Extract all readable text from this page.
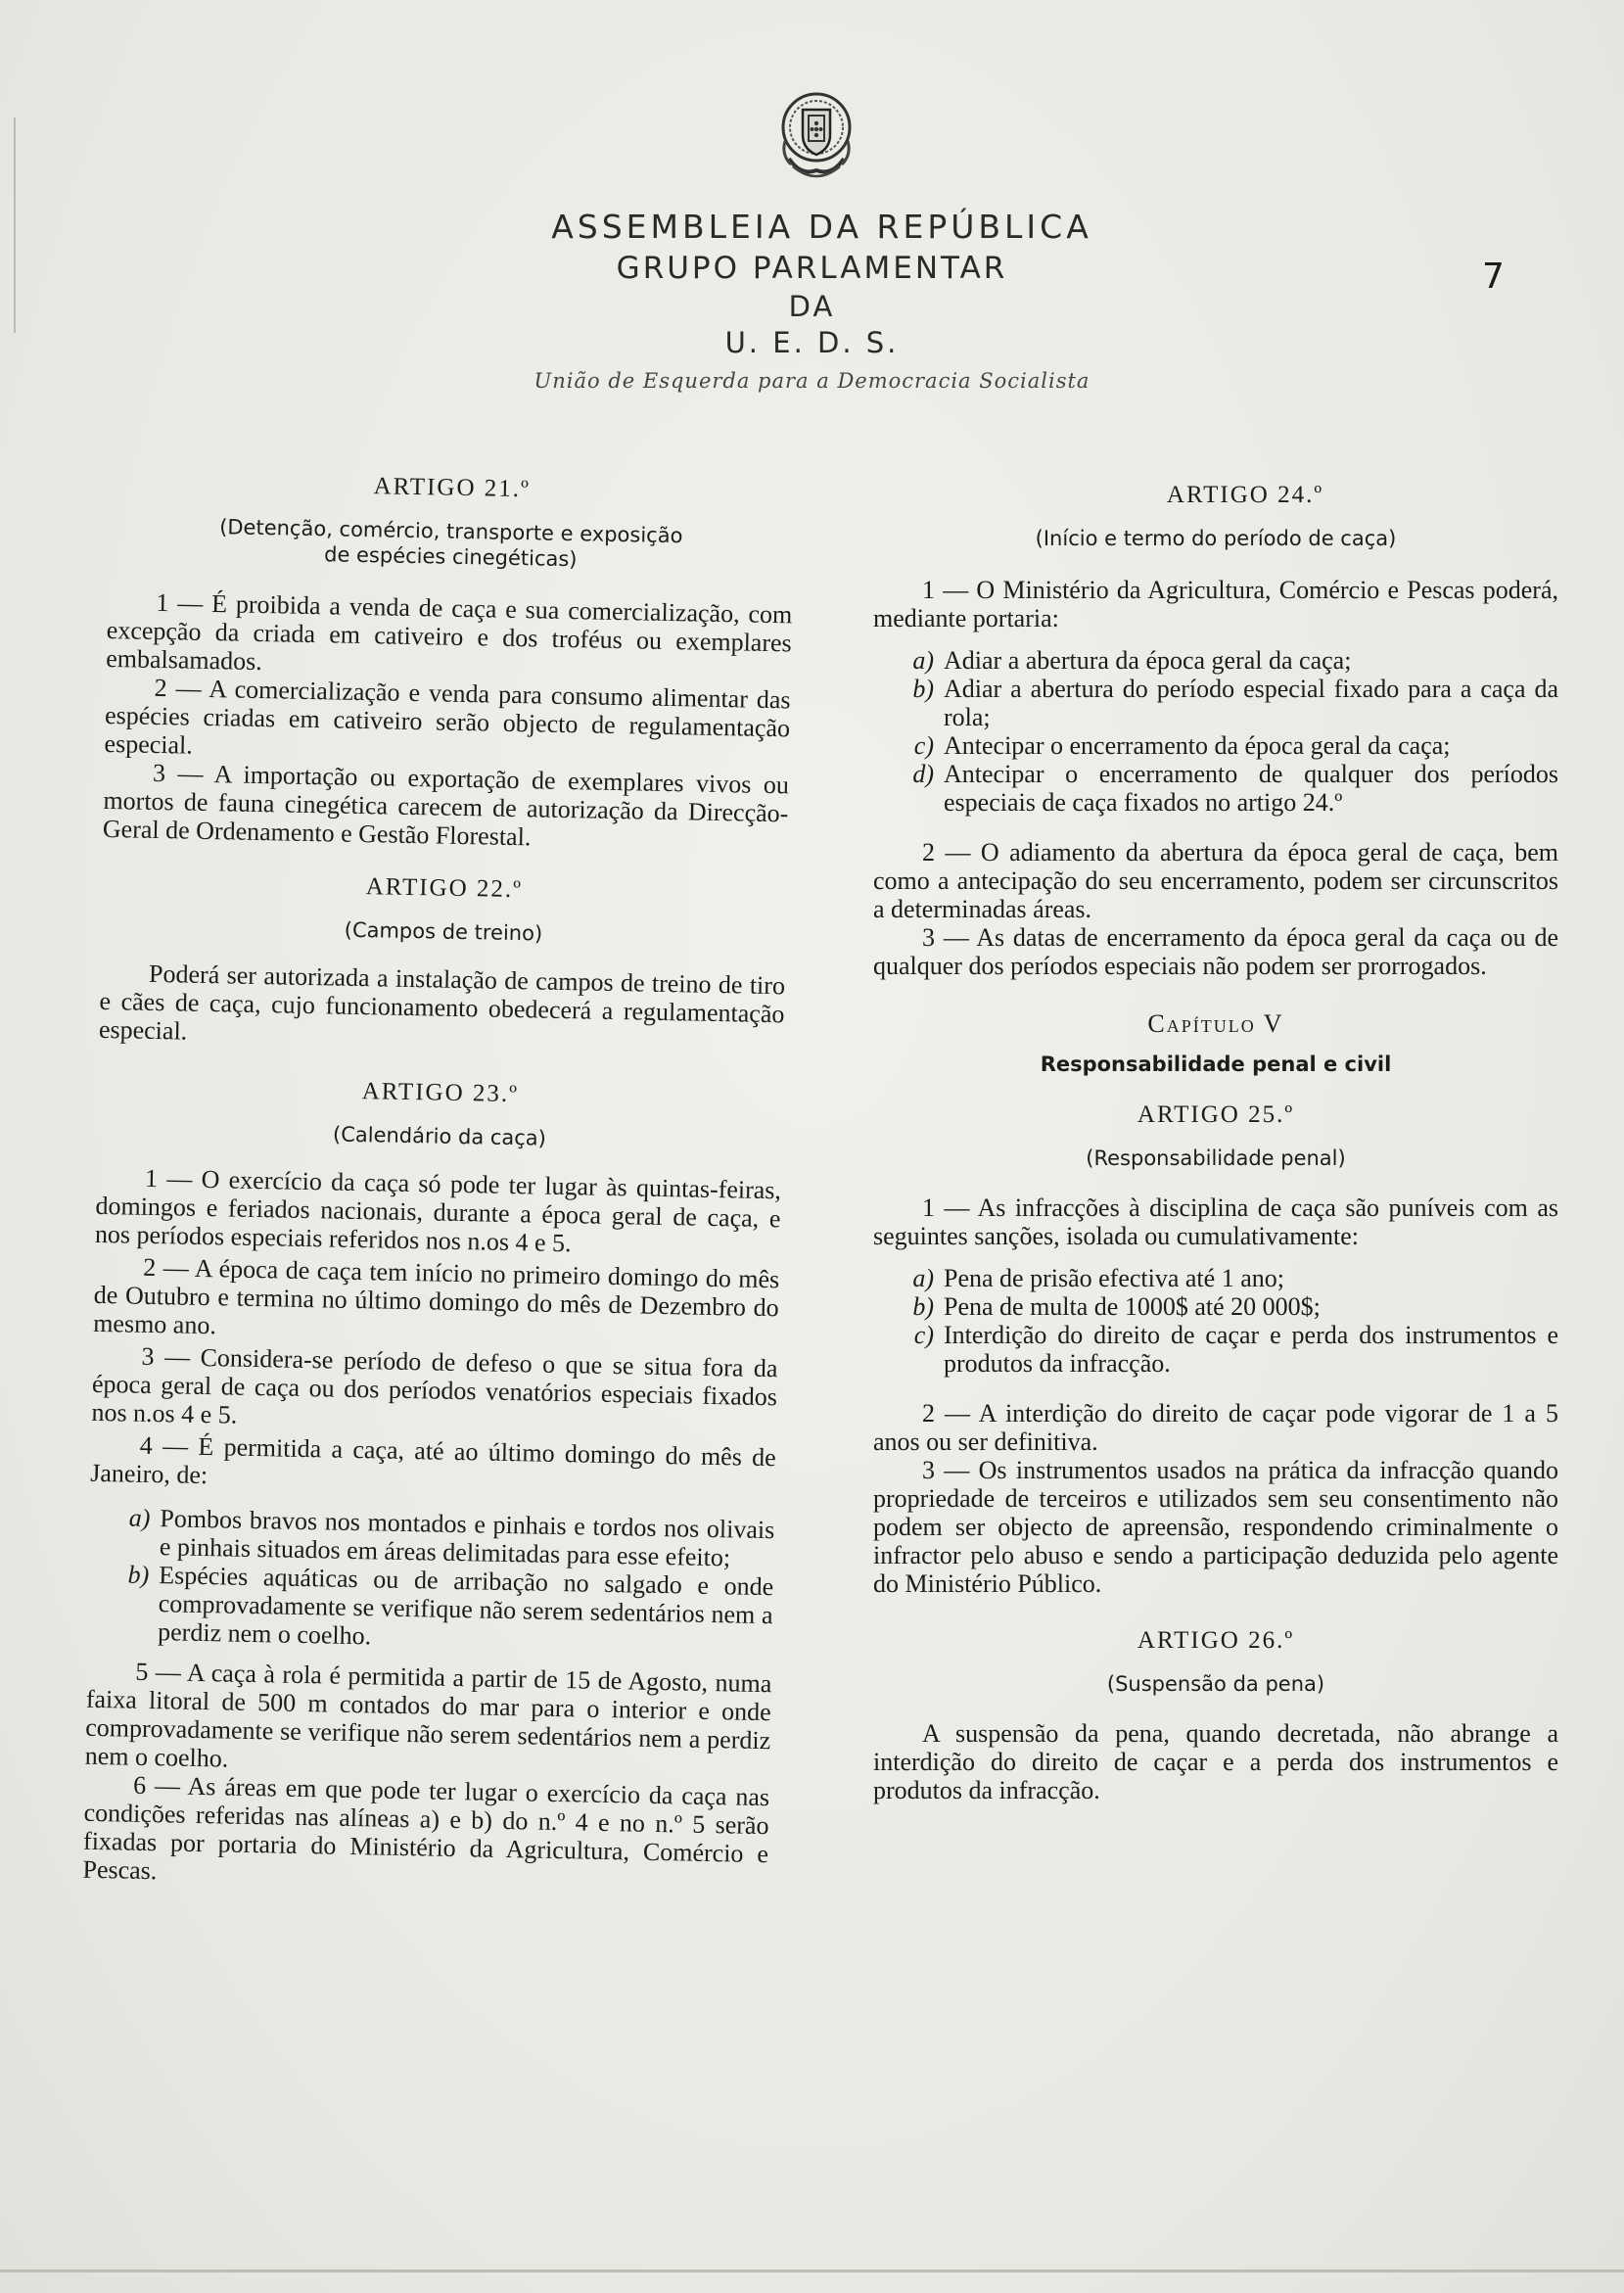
ASSEMBLEIA DA REPÚBLICA
GRUPO PARLAMENTAR
DA
U. E. D. S.
União de Esquerda para a Democracia Socialista
7
ARTIGO 21.º
(Detenção, comércio, transporte e exposição
de espécies cinegéticas)

1 — É proibida a venda de caça e sua comercialização, com excepção da criada em cativeiro e dos troféus ou exemplares embalsamados.

2 — A comercialização e venda para consumo alimentar das espécies criadas em cativeiro serão objecto de regulamentação especial.

3 — A importação ou exportação de exemplares vivos ou mortos de fauna cinegética carecem de autorização da Direcção-Geral de Ordenamento e Gestão Florestal.

ARTIGO 22.º
(Campos de treino)

Poderá ser autorizada a instalação de campos de treino de tiro e cães de caça, cujo funcionamento obedecerá a regulamentação especial.

ARTIGO 23.º
(Calendário da caça)

1 — O exercício da caça só pode ter lugar às quintas-feiras, domingos e feriados nacionais, durante a época geral de caça, e nos períodos especiais referidos nos n.os 4 e 5.

2 — A época de caça tem início no primeiro domingo do mês de Outubro e termina no último domingo do mês de Dezembro do mesmo ano.

3 — Considera-se período de defeso o que se situa fora da época geral de caça ou dos períodos venatórios especiais fixados nos n.os 4 e 5.

4 — É permitida a caça, até ao último domingo do mês de Janeiro, de:

a) Pombos bravos nos montados e pinhais e tordos nos olivais e pinhais situados em áreas delimitadas para esse efeito;
b) Espécies aquáticas ou de arribação no salgado e onde comprovadamente se verifique não serem sedentários nem a perdiz nem o coelho.

5 — A caça à rola é permitida a partir de 15 de Agosto, numa faixa litoral de 500 m contados do mar para o interior e onde comprovadamente se verifique não serem sedentários nem a perdiz nem o coelho.

6 — As áreas em que pode ter lugar o exercício da caça nas condições referidas nas alíneas a) e b) do n.º 4 e no n.º 5 serão fixadas por portaria do Ministério da Agricultura, Comércio e Pescas.

ARTIGO 24.º
(Início e termo do período de caça)

1 — O Ministério da Agricultura, Comércio e Pescas poderá, mediante portaria:

a) Adiar a abertura da época geral da caça;
b) Adiar a abertura do período especial fixado para a caça da rola;
c) Antecipar o encerramento da época geral da caça;
d) Antecipar o encerramento de qualquer dos períodos especiais de caça fixados no artigo 24.º

2 — O adiamento da abertura da época geral de caça, bem como a antecipação do seu encerramento, podem ser circunscritos a determinadas áreas.

3 — As datas de encerramento da época geral da caça ou de qualquer dos períodos especiais não podem ser prorrogados.

Capítulo V
Responsabilidade penal e civil
ARTIGO 25.º
(Responsabilidade penal)

1 — As infracções à disciplina de caça são puníveis com as seguintes sanções, isolada ou cumulativamente:

a) Pena de prisão efectiva até 1 ano;
b) Pena de multa de 1000$ até 20 000$;
c) Interdição do direito de caçar e perda dos instrumentos e produtos da infracção.

2 — A interdição do direito de caçar pode vigorar de 1 a 5 anos ou ser definitiva.

3 — Os instrumentos usados na prática da infracção quando propriedade de terceiros e utilizados sem seu consentimento não podem ser objecto de apreensão, respondendo criminalmente o infractor pelo abuso e sendo a participação deduzida pelo agente do Ministério Público.

ARTIGO 26.º
(Suspensão da pena)

A suspensão da pena, quando decretada, não abrange a interdição do direito de caçar e a perda dos instrumentos e produtos da infracção.
